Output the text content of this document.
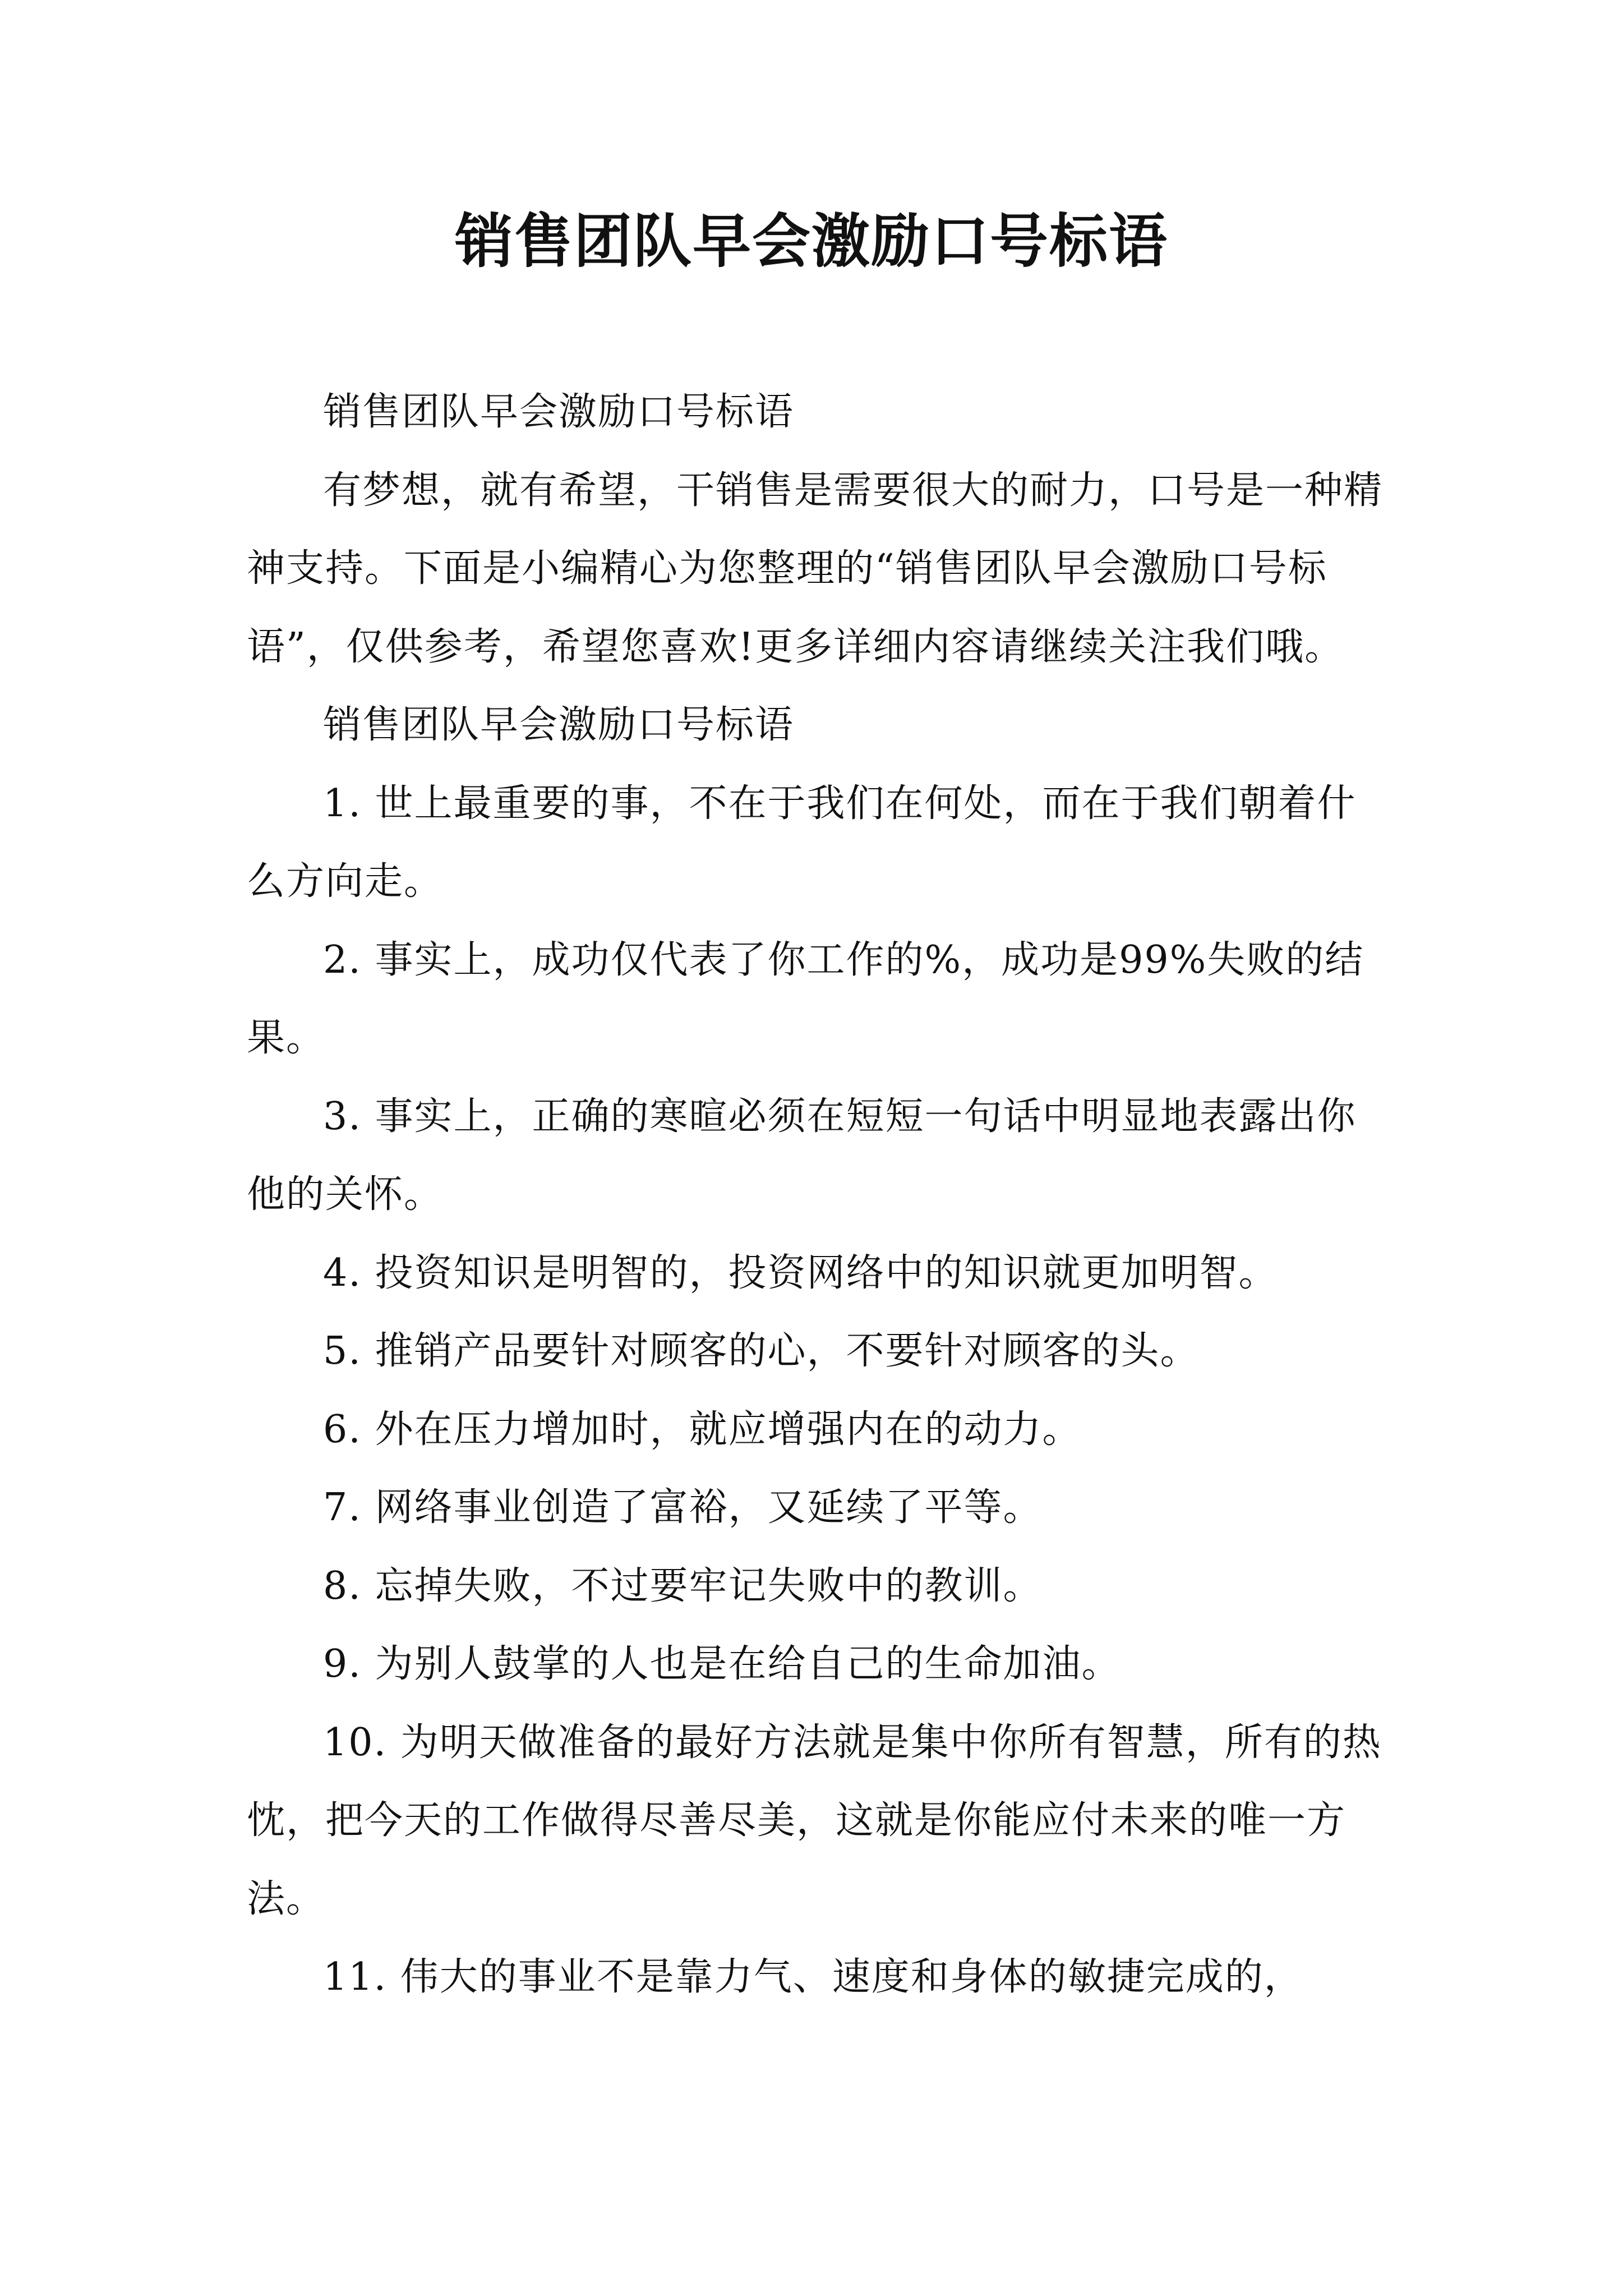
销售团队早会激励口号标语

销售团队早会激励口号标语

有梦想，就有希望，干销售是需要很大的耐力，口号是一种精神支持。下面是小编精心为您整理的“销售团队早会激励口号标语”，仅供参考，希望您喜欢!更多详细内容请继续关注我们哦。

销售团队早会激励口号标语

1. 世上最重要的事，不在于我们在何处，而在于我们朝着什么方向走。

2. 事实上，成功仅代表了你工作的%，成功是99%失败的结果。

3. 事实上，正确的寒暄必须在短短一句话中明显地表露出你他的关怀。

4. 投资知识是明智的，投资网络中的知识就更加明智。

5. 推销产品要针对顾客的心，不要针对顾客的头。

6. 外在压力增加时，就应增强内在的动力。

7. 网络事业创造了富裕，又延续了平等。

8. 忘掉失败，不过要牢记失败中的教训。

9. 为别人鼓掌的人也是在给自己的生命加油。

10. 为明天做准备的最好方法就是集中你所有智慧，所有的热忱，把今天的工作做得尽善尽美，这就是你能应付未来的唯一方法。

11. 伟大的事业不是靠力气、速度和身体的敏捷完成的，
